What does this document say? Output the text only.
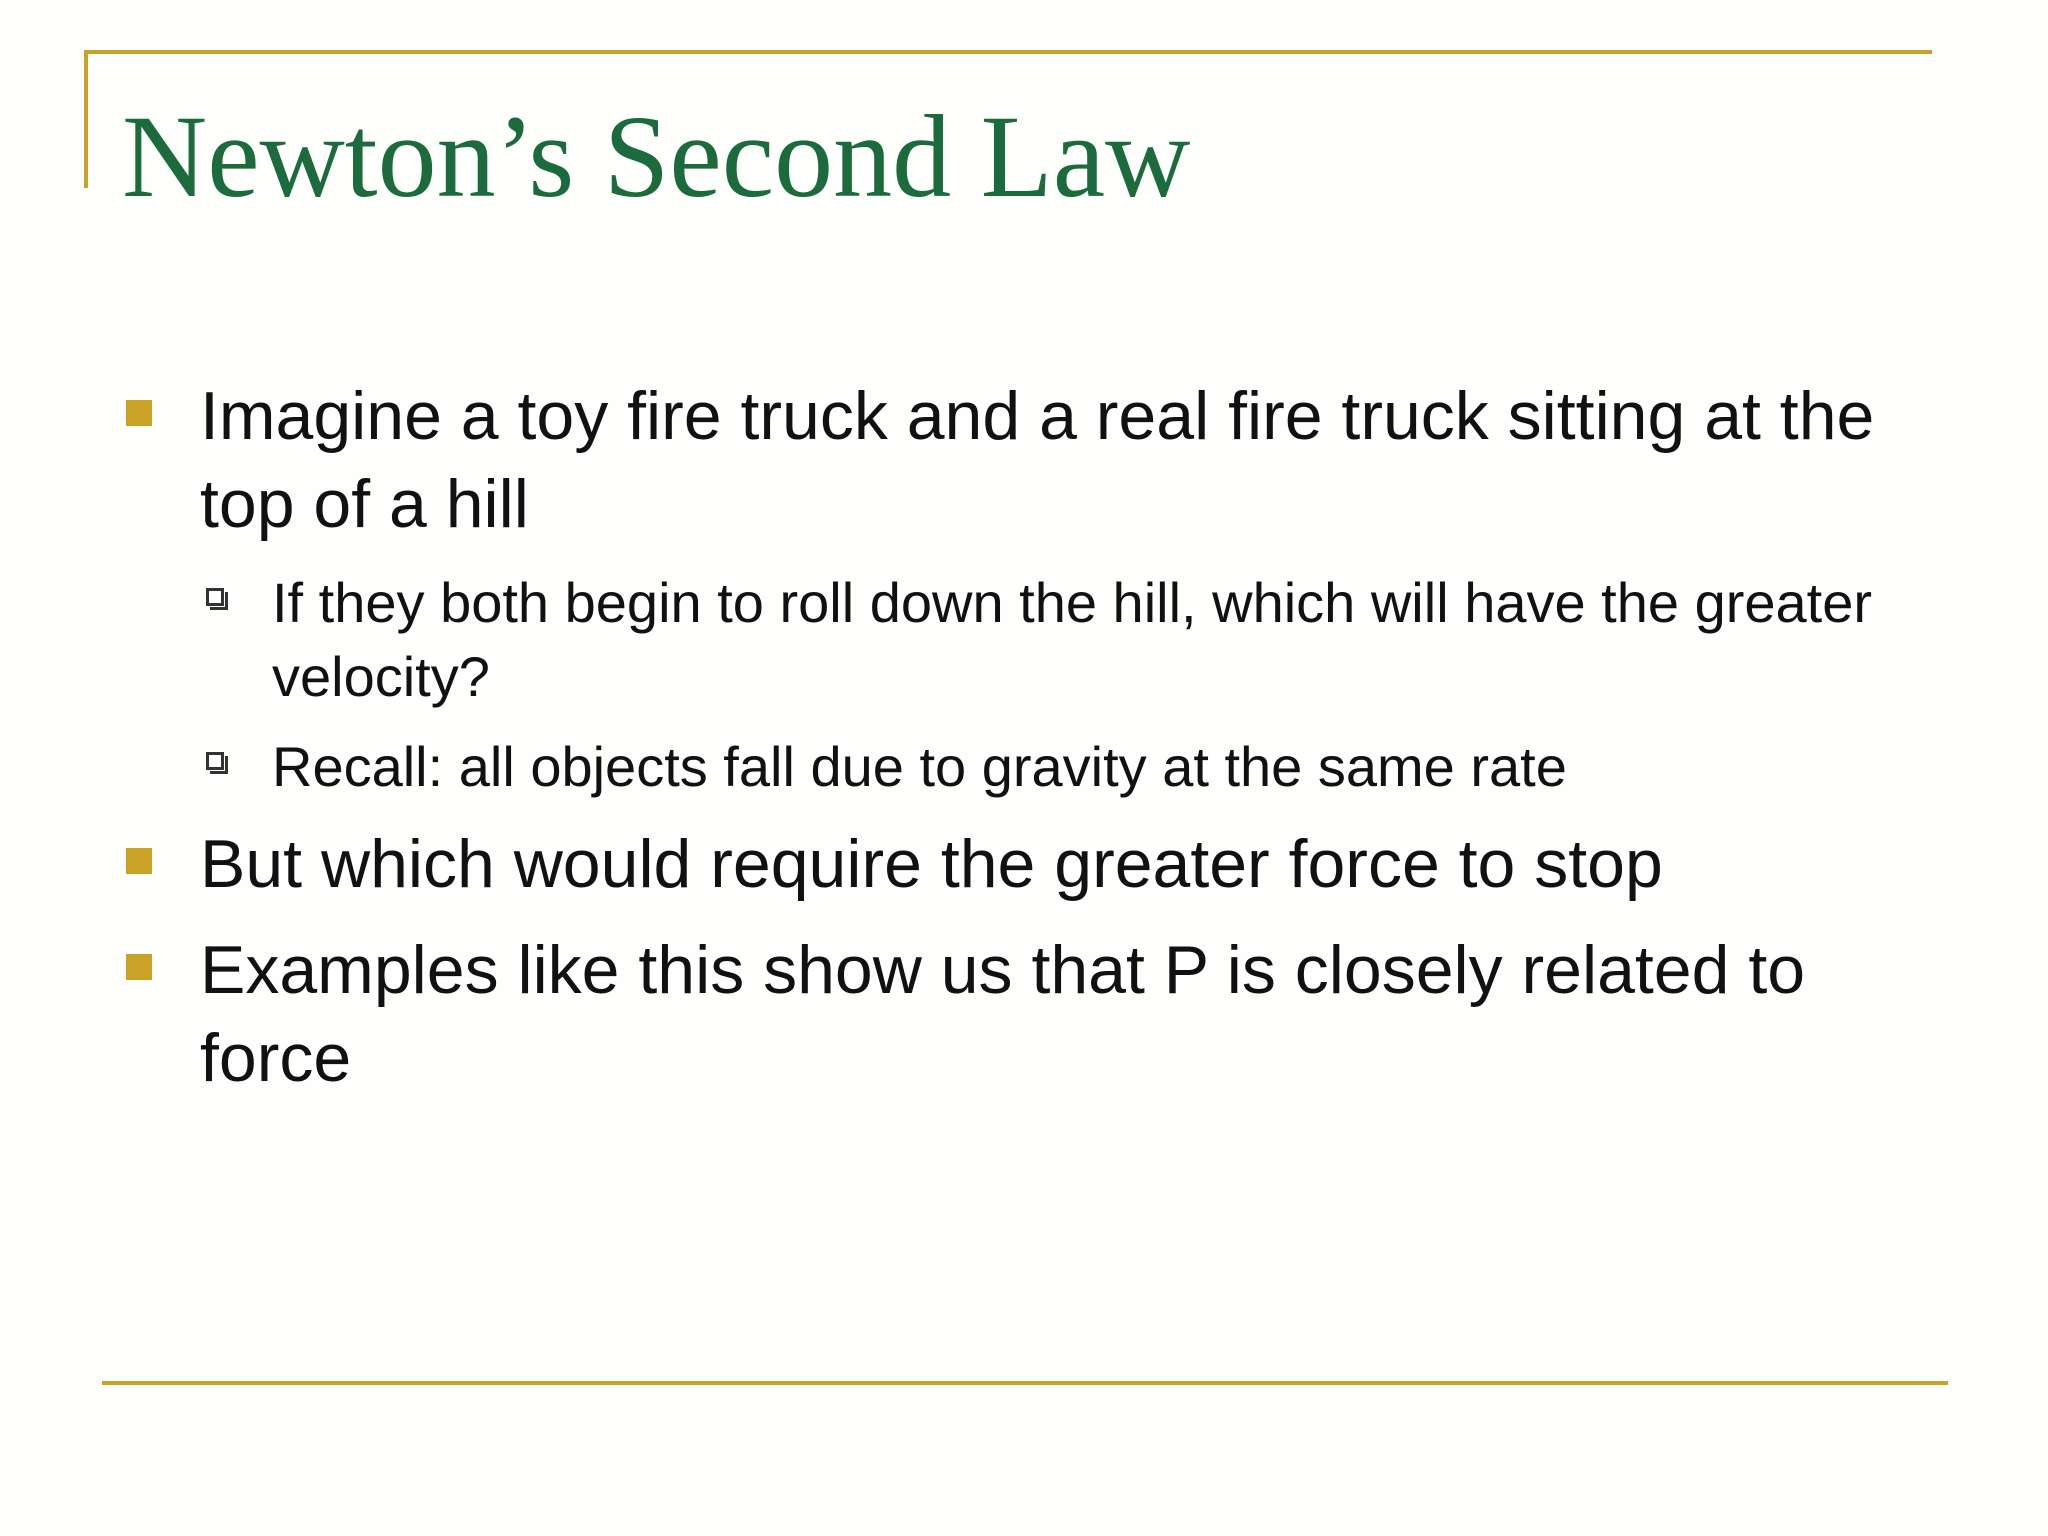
Newton’s Second Law
Imagine a toy fire truck and a real fire truck sitting at the top of a hill
If they both begin to roll down the hill, which will have the greater velocity?
Recall: all objects fall due to gravity at the same rate
But which would require the greater force to stop
Examples like this show us that P is closely related to force
